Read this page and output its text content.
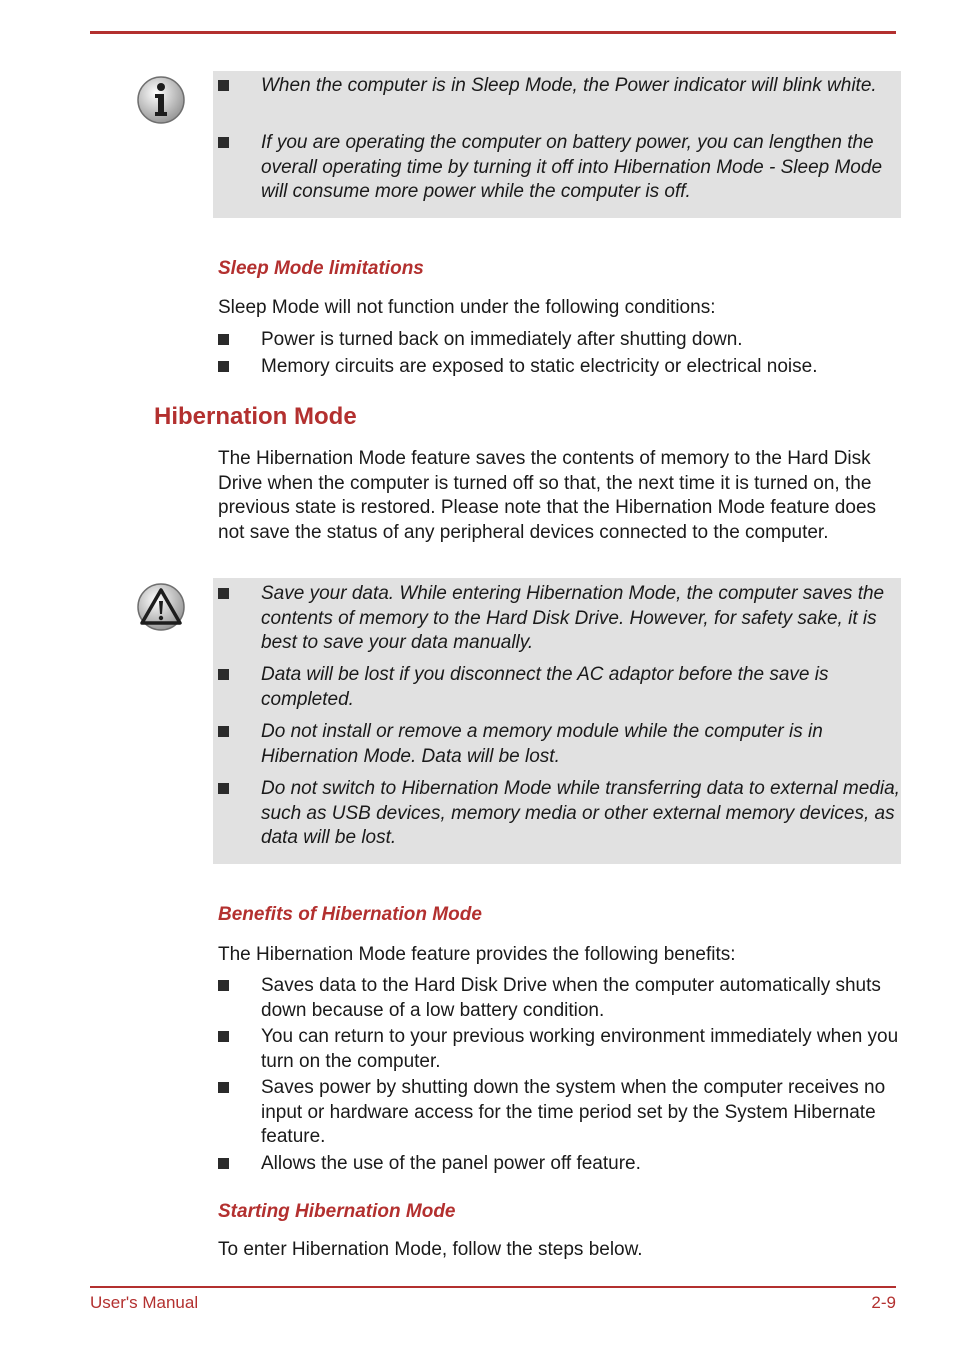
When the computer is in Sleep Mode, the Power indicator will blink white.
If you are operating the computer on battery power, you can lengthen the overall operating time by turning it off into Hibernation Mode - Sleep Mode will consume more power while the computer is off.
Sleep Mode limitations
Sleep Mode will not function under the following conditions:
Power is turned back on immediately after shutting down.
Memory circuits are exposed to static electricity or electrical noise.
Hibernation Mode
The Hibernation Mode feature saves the contents of memory to the Hard Disk Drive when the computer is turned off so that, the next time it is turned on, the previous state is restored. Please note that the Hibernation Mode feature does not save the status of any peripheral devices connected to the computer.
Save your data. While entering Hibernation Mode, the computer saves the contents of memory to the Hard Disk Drive. However, for safety sake, it is best to save your data manually.
Data will be lost if you disconnect the AC adaptor before the save is completed.
Do not install or remove a memory module while the computer is in Hibernation Mode. Data will be lost.
Do not switch to Hibernation Mode while transferring data to external media, such as USB devices, memory media or other external memory devices, as data will be lost.
Benefits of Hibernation Mode
The Hibernation Mode feature provides the following benefits:
Saves data to the Hard Disk Drive when the computer automatically shuts down because of a low battery condition.
You can return to your previous working environment immediately when you turn on the computer.
Saves power by shutting down the system when the computer receives no input or hardware access for the time period set by the System Hibernate feature.
Allows the use of the panel power off feature.
Starting Hibernation Mode
To enter Hibernation Mode, follow the steps below.
User's Manual	2-9
